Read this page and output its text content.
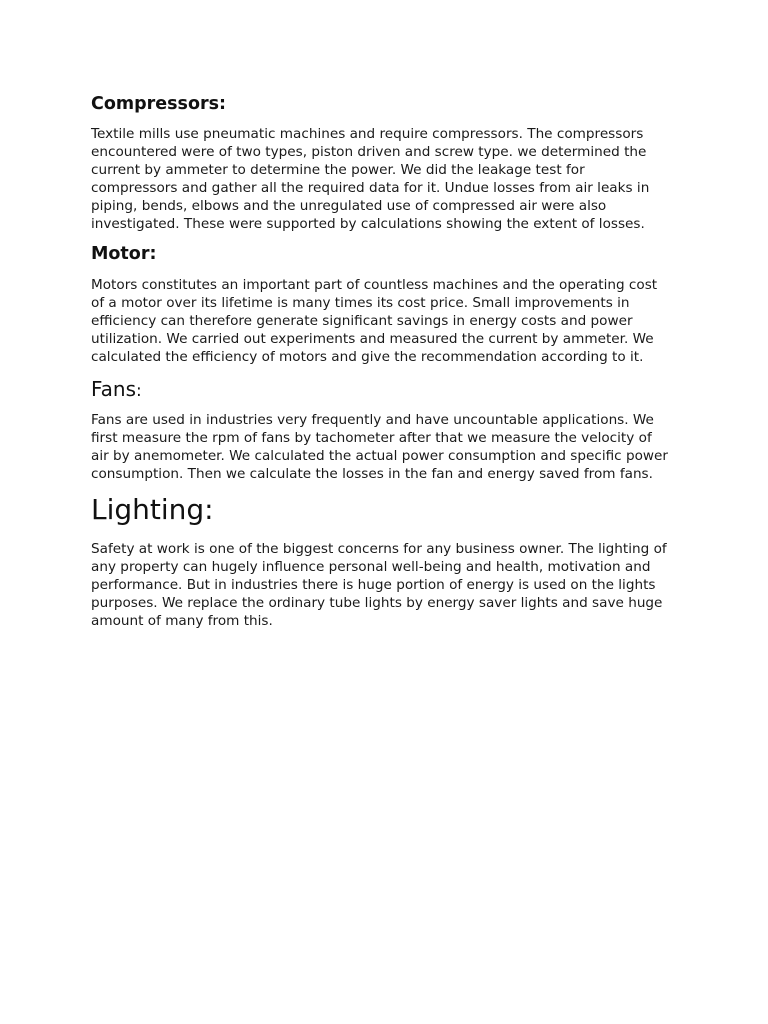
Compressors:

Textile mills use pneumatic machines and require compressors. The compressors
encountered were of two types, piston driven and screw type. we determined the
current by ammeter to determine the power. We did the leakage test for
compressors and gather all the required data for it. Undue losses from air leaks in
piping, bends, elbows and the unregulated use of compressed air were also
investigated. These were supported by calculations showing the extent of losses.

Motor:

Motors constitutes an important part of countless machines and the operating cost
of a motor over its lifetime is many times its cost price. Small improvements in
efficiency can therefore generate significant savings in energy costs and power
utilization. We carried out experiments and measured the current by ammeter. We
calculated the efficiency of motors and give the recommendation according to it.

Fans:

Fans are used in industries very frequently and have uncountable applications. We
first measure the rpm of fans by tachometer after that we measure the velocity of
air by anemometer. We calculated the actual power consumption and specific power
consumption. Then we calculate the losses in the fan and energy saved from fans.

Lighting:

Safety at work is one of the biggest concerns for any business owner. The lighting of
any property can hugely influence personal well-being and health, motivation and
performance. But in industries there is huge portion of energy is used on the lights
purposes. We replace the ordinary tube lights by energy saver lights and save huge
amount of many from this.
